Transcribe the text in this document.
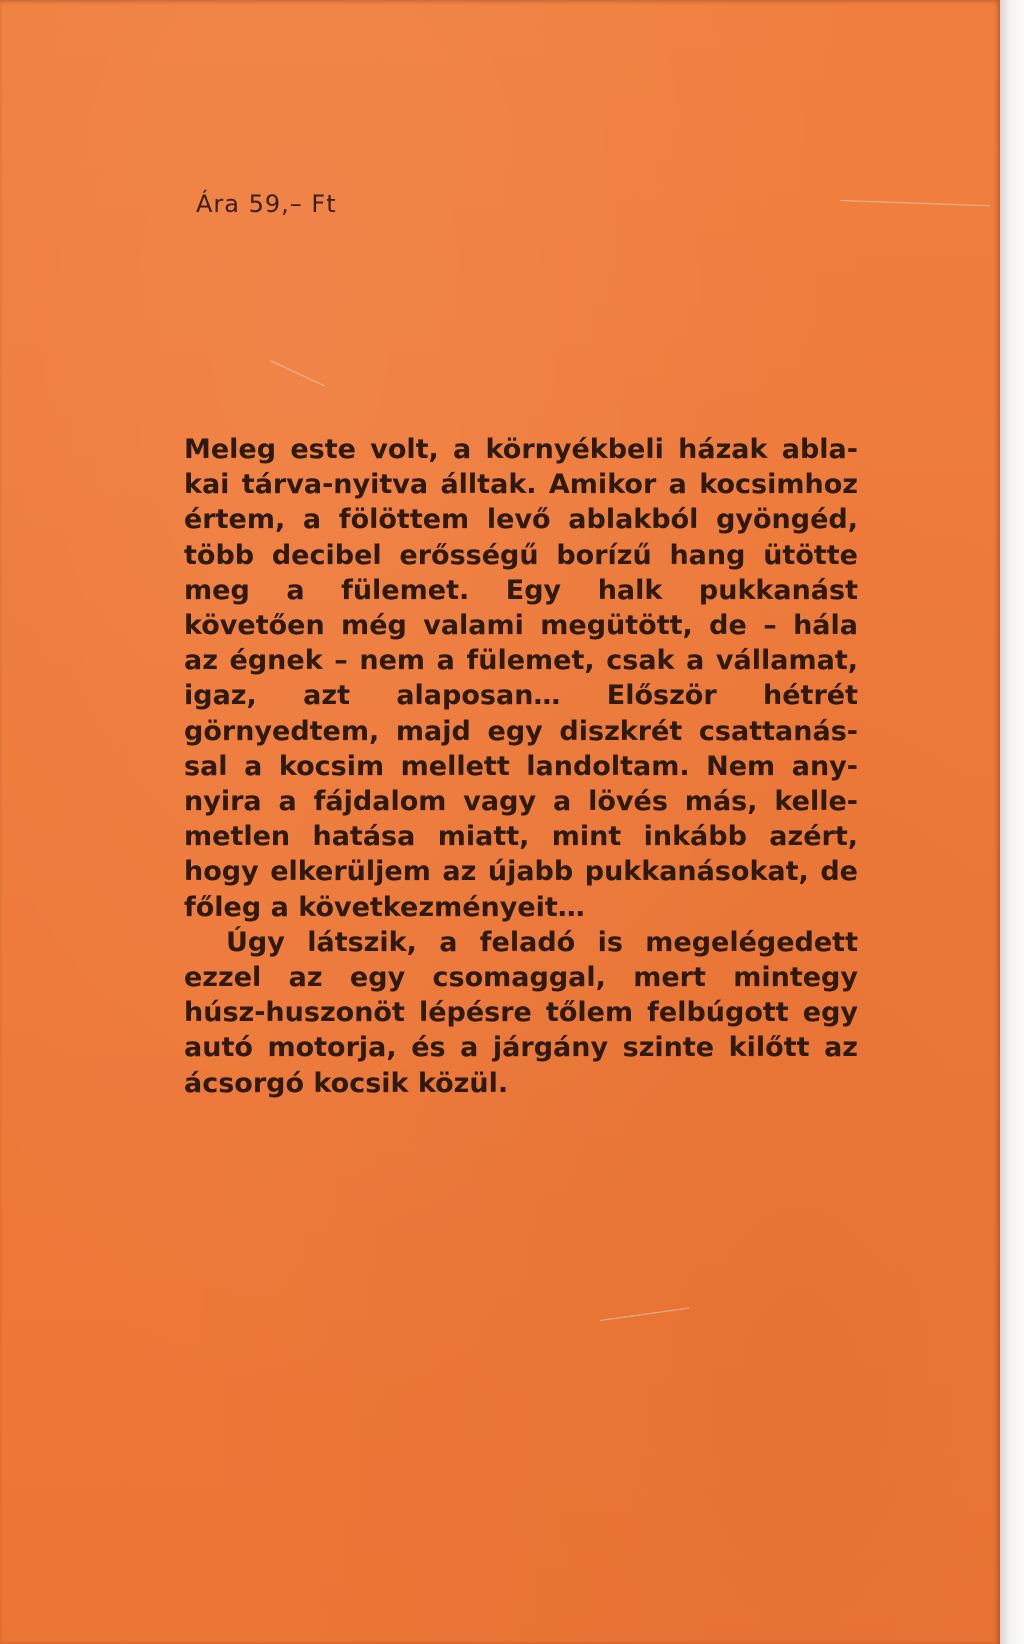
Ára 59,– Ft

Meleg este volt, a környékbeli házak ablakai tárva-nyitva álltak. Amikor a kocsimhoz értem, a fölöttem levő ablakból gyöngéd, több decibel erősségű borízű hang ütötte meg a fülemet. Egy halk pukkanást követően még valami megütött, de – hála az égnek – nem a fülemet, csak a vállamat, igaz, azt alaposan… Először hétrét görnyedtem, majd egy diszkrét csattanással a kocsim mellett landoltam. Nem anynyira a fájdalom vagy a lövés más, kellemetlen hatása miatt, mint inkább azért, hogy elkerüljem az újabb pukkanásokat, de főleg a következményeit…

Úgy látszik, a feladó is megelégedett ezzel az egy csomaggal, mert mintegy húsz-huszonöt lépésre tőlem felbúgott egy autó motorja, és a járgány szinte kilőtt az ácsorgó kocsik közül.
